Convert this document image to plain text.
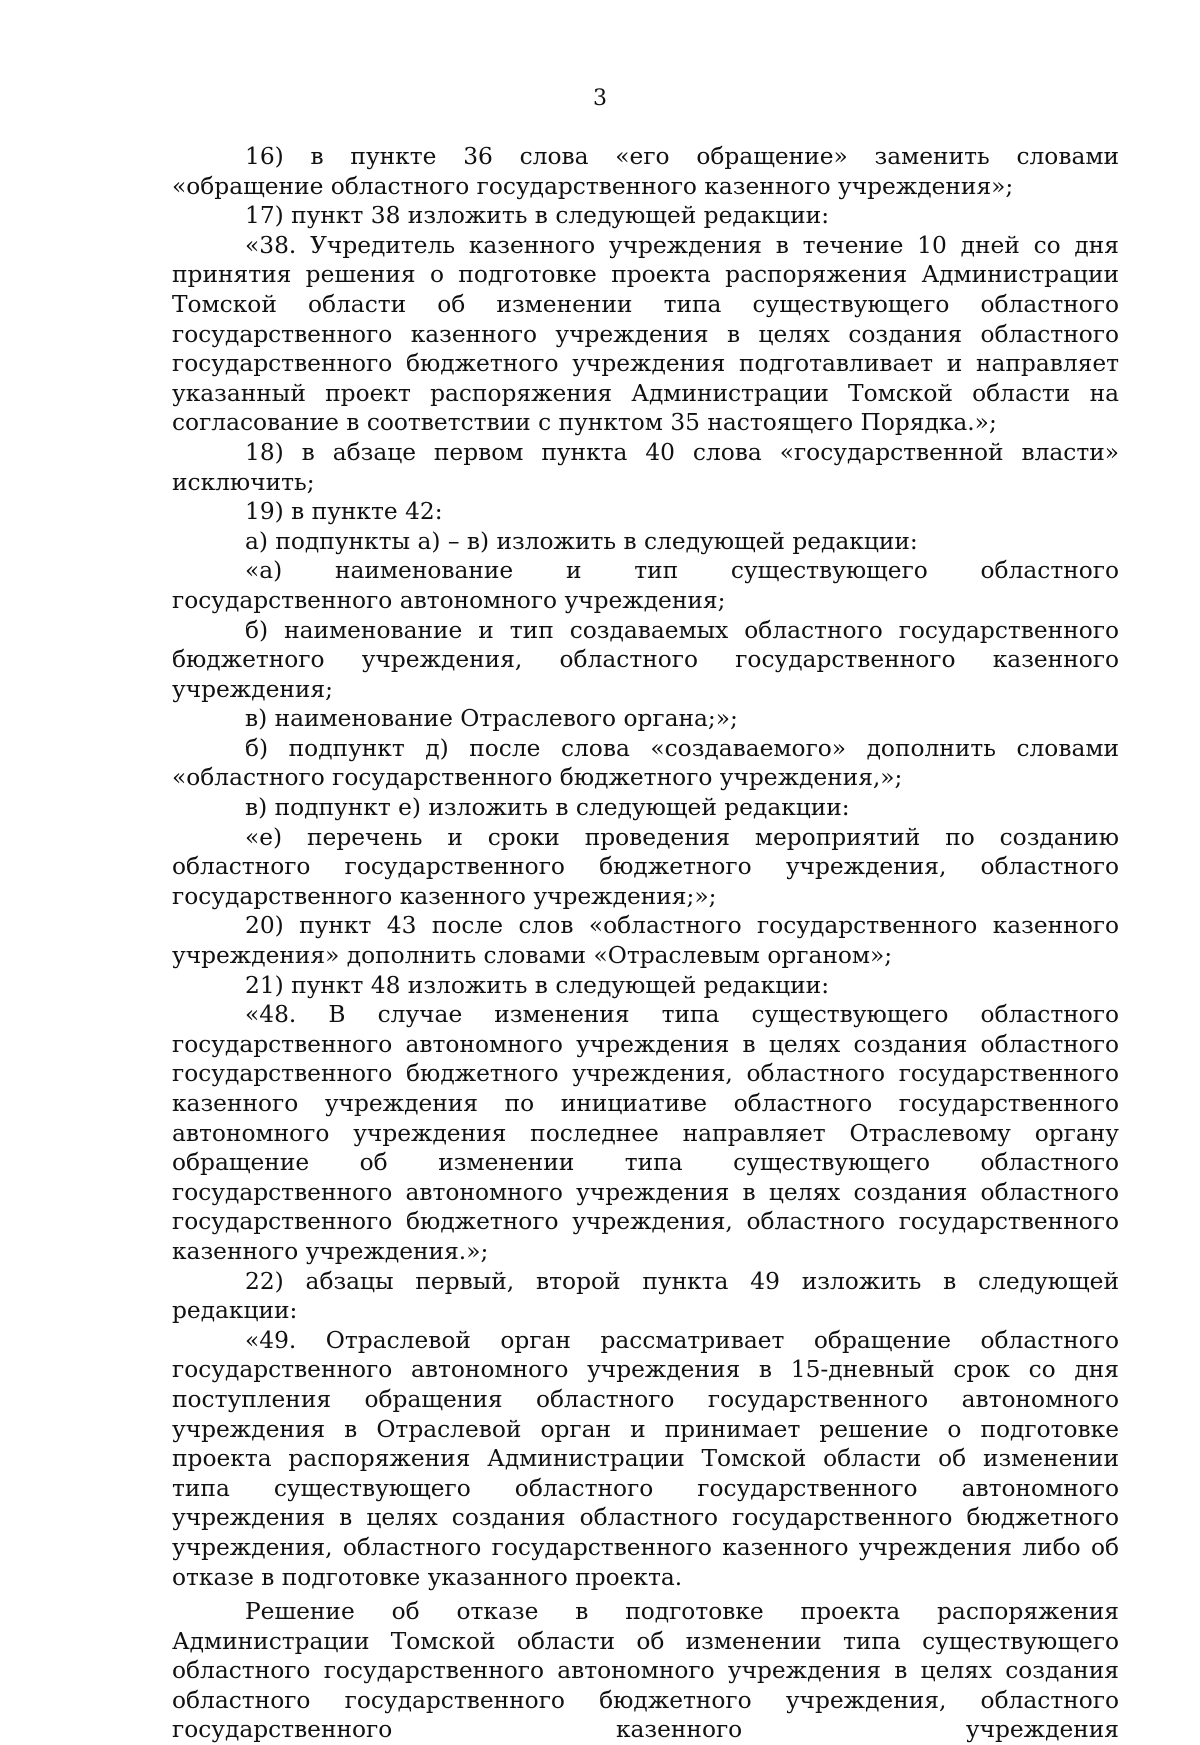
3

16) в пункте 36 слова «его обращение» заменить словами «обращение областного государственного казенного учреждения»;

17) пункт 38 изложить в следующей редакции:

«38. Учредитель казенного учреждения в течение 10 дней со дня принятия решения о подготовке проекта распоряжения Администрации Томской области об изменении типа существующего областного государственного казенного учреждения в целях создания областного государственного бюджетного учреждения подготавливает и направляет указанный проект распоряжения Администрации Томской области на согласование в соответствии с пунктом 35 настоящего Порядка.»;

18) в абзаце первом пункта 40 слова «государственной власти» исключить;

19) в пункте 42:

а) подпункты а) – в) изложить в следующей редакции:

«а) наименование и тип существующего областного государственного автономного учреждения;

б) наименование и тип создаваемых областного государственного бюджетного учреждения, областного государственного казенного учреждения;

в) наименование Отраслевого органа;»;

б) подпункт д) после слова «создаваемого» дополнить словами «областного государственного бюджетного учреждения,»;

в) подпункт е) изложить в следующей редакции:

«е) перечень и сроки проведения мероприятий по созданию областного государственного бюджетного учреждения, областного государственного казенного учреждения;»;

20) пункт 43 после слов «областного государственного казенного учреждения» дополнить словами «Отраслевым органом»;

21) пункт 48 изложить в следующей редакции:

«48. В случае изменения типа существующего областного государственного автономного учреждения в целях создания областного государственного бюджетного учреждения, областного государственного казенного учреждения по инициативе областного государственного автономного учреждения последнее направляет Отраслевому органу обращение об изменении типа существующего областного государственного автономного учреждения в целях создания областного государственного бюджетного учреждения, областного государственного казенного учреждения.»;

22) абзацы первый, второй пункта 49 изложить в следующей редакции:

«49. Отраслевой орган рассматривает обращение областного государственного автономного учреждения в 15-дневный срок со дня поступления обращения областного государственного автономного учреждения в Отраслевой орган и принимает решение о подготовке проекта распоряжения Администрации Томской области об изменении типа существующего областного государственного автономного учреждения в целях создания областного государственного бюджетного учреждения, областного государственного казенного учреждения либо об отказе в подготовке указанного проекта.

Решение об отказе в подготовке проекта распоряжения Администрации Томской области об изменении типа существующего областного государственного автономного учреждения в целях создания областного государственного бюджетного учреждения, областного государственного казенного учреждения
